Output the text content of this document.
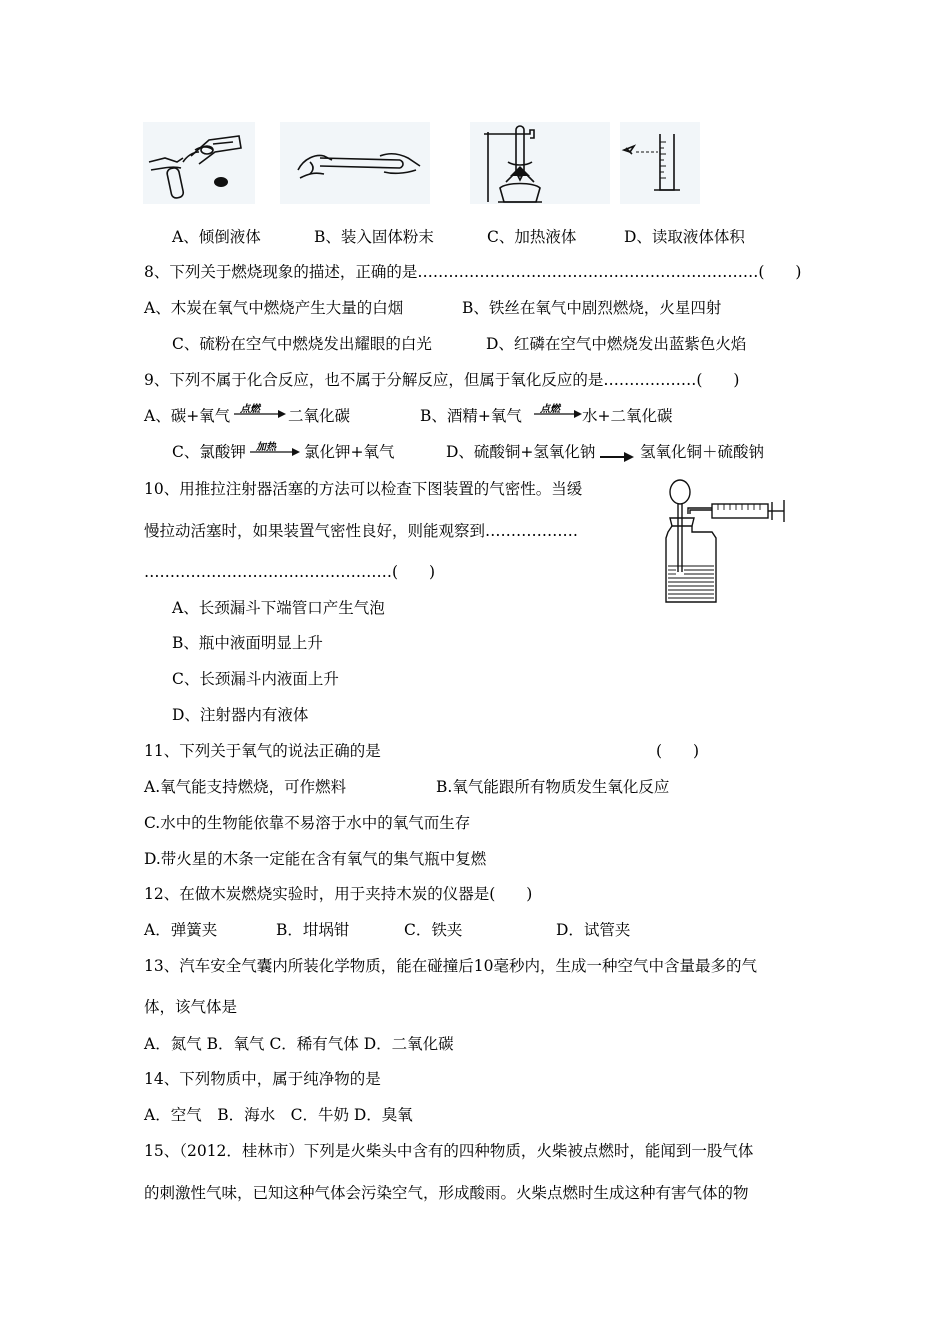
A、倾倒液体	B、装入固体粉末	C、加热液体	D、读取液体体积
8、下列关于燃烧现象的描述，正确的是…………………………………………………………(　　)
A、木炭在氧气中燃烧产生大量的白烟	B、铁丝在氧气中剧烈燃烧，火星四射
C、硫粉在空气中燃烧发出耀眼的白光	D、红磷在空气中燃烧发出蓝紫色火焰
9、下列不属于化合反应，也不属于分解反应，但属于氧化反应的是………………(　　)
A、碳+氧气 点燃 二氧化碳	B、酒精+氧气 点燃 水+二氧化碳
C、氯酸钾 加热 氯化钾+氧气	D、硫酸铜+氢氧化钠	氢氧化铜＋硫酸钠
10、用推拉注射器活塞的方法可以检查下图装置的气密性。当缓
慢拉动活塞时，如果装置气密性良好，则能观察到………………
…………………………………………(　　)
A、长颈漏斗下端管口产生气泡
B、瓶中液面明显上升
C、长颈漏斗内液面上升
D、注射器内有液体
11、下列关于氧气的说法正确的是	(　　)
A.氧气能支持燃烧，可作燃料	B.氧气能跟所有物质发生氧化反应
C.水中的生物能依靠不易溶于水中的氧气而生存
D.带火星的木条一定能在含有氧气的集气瓶中复燃
12、在做木炭燃烧实验时，用于夹持木炭的仪器是(　　)
A．弹簧夹	B．坩埚钳	C．铁夹	D．试管夹
13、汽车安全气囊内所装化学物质，能在碰撞后10毫秒内，生成一种空气中含量最多的气
体，该气体是
A．氮气 B．氧气 C．稀有气体 D．二氧化碳
14、下列物质中，属于纯净物的是
A．空气　B．海水　C．牛奶 D．臭氧
15、（2012．桂林市）下列是火柴头中含有的四种物质，火柴被点燃时，能闻到一股气体
的刺激性气味，已知这种气体会污染空气，形成酸雨。火柴点燃时生成这种有害气体的物
